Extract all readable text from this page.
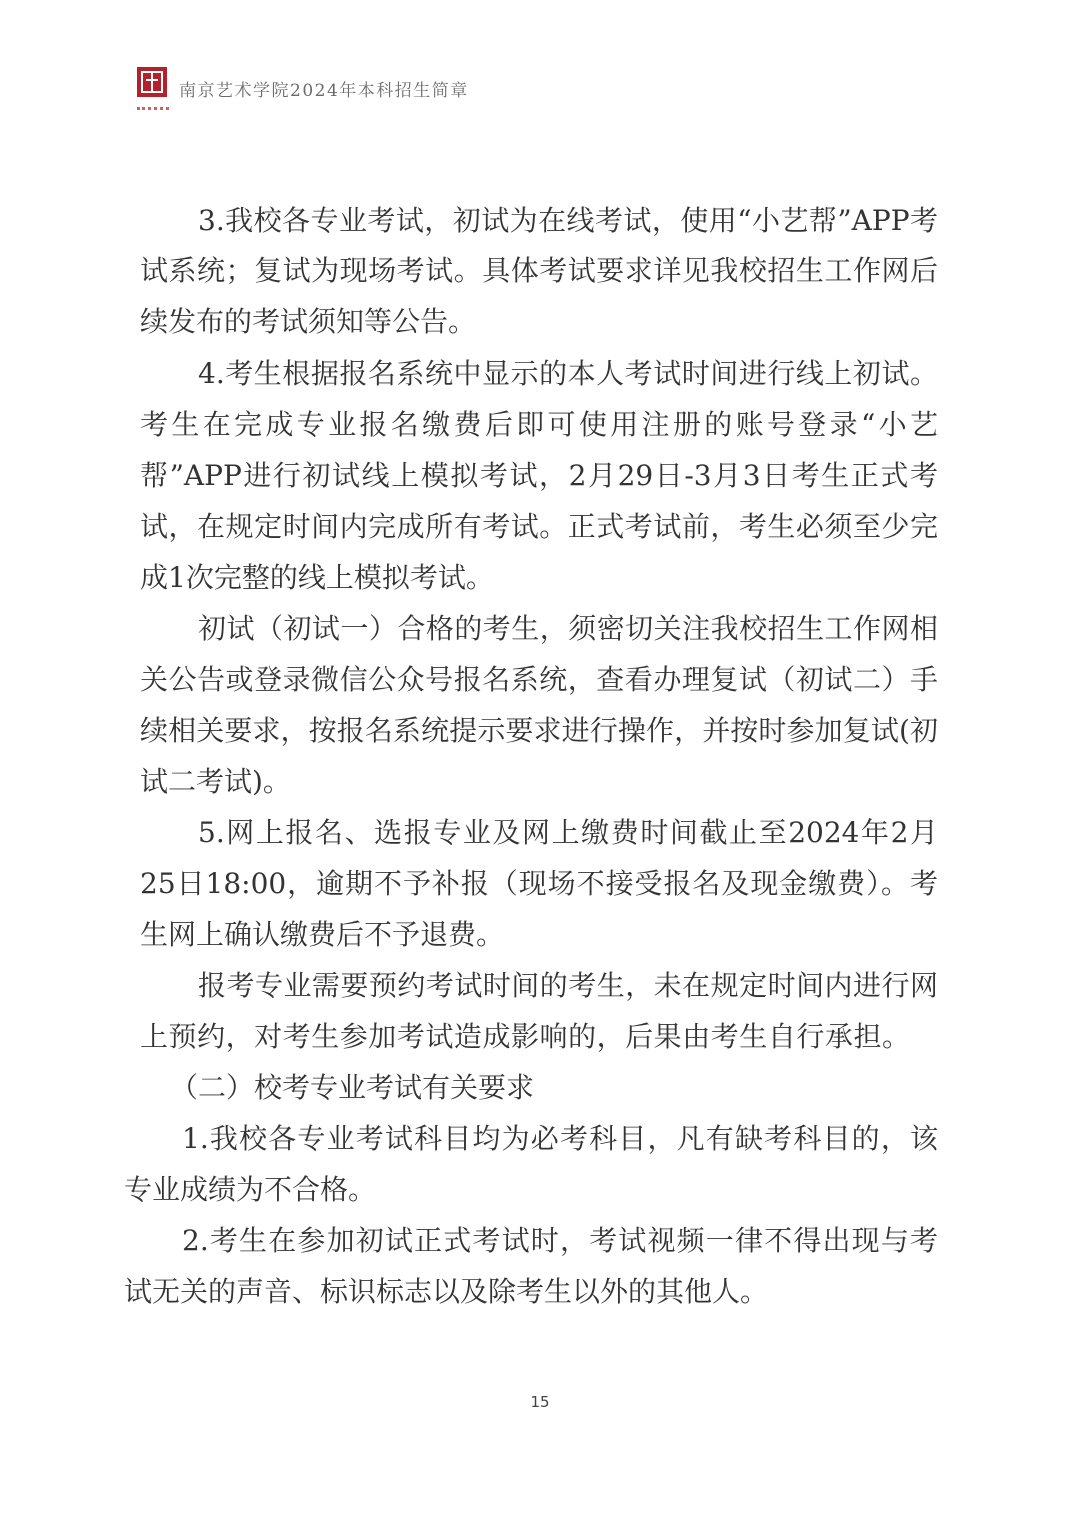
南京艺术学院2024年本科招生简章
3.我校各专业考试，初试为在线考试，使用“小艺帮”APP考
试系统；复试为现场考试。具体考试要求详见我校招生工作网后
续发布的考试须知等公告。
4.考生根据报名系统中显示的本人考试时间进行线上初试。
考生在完成专业报名缴费后即可使用注册的账号登录“小艺
帮”APP进行初试线上模拟考试，2月29日-3月3日考生正式考
试，在规定时间内完成所有考试。正式考试前，考生必须至少完
成1次完整的线上模拟考试。
初试（初试一）合格的考生，须密切关注我校招生工作网相
关公告或登录微信公众号报名系统，查看办理复试（初试二）手
续相关要求，按报名系统提示要求进行操作，并按时参加复试(初
试二考试)。
5.网上报名、选报专业及网上缴费时间截止至2024年2月
25日18:00，逾期不予补报（现场不接受报名及现金缴费）。考
生网上确认缴费后不予退费。
报考专业需要预约考试时间的考生，未在规定时间内进行网
上预约，对考生参加考试造成影响的，后果由考生自行承担。
（二）校考专业考试有关要求
1.我校各专业考试科目均为必考科目，凡有缺考科目的，该
专业成绩为不合格。
2.考生在参加初试正式考试时，考试视频一律不得出现与考
试无关的声音、标识标志以及除考生以外的其他人。
15
